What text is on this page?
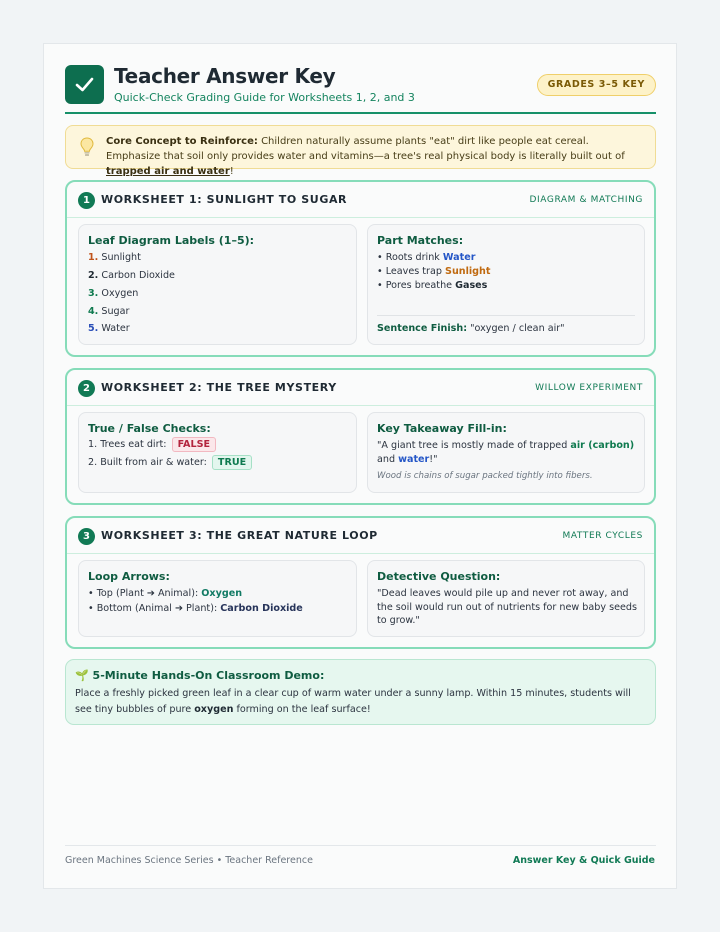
Teacher Answer Key
Quick-Check Grading Guide for Worksheets 1, 2, and 3
GRADES 3–5 KEY
Core Concept to Reinforce: Children naturally assume plants "eat" dirt like people eat cereal. Emphasize that soil only provides water and vitamins—a tree's real physical body is literally built out of trapped air and water!
1	WORKSHEET 1: SUNLIGHT TO SUGAR	DIAGRAM & MATCHING
Leaf Diagram Labels (1–5):
1. Sunlight
2. Carbon Dioxide
3. Oxygen
4. Sugar
5. Water
Part Matches:
• Roots drink Water
• Leaves trap Sunlight
• Pores breathe Gases
Sentence Finish: "oxygen / clean air"
2	WORKSHEET 2: THE TREE MYSTERY	WILLOW EXPERIMENT
True / False Checks:
1. Trees eat dirt: FALSE
2. Built from air & water: TRUE
Key Takeaway Fill-in:
"A giant tree is mostly made of trapped air (carbon) and water!"
Wood is chains of sugar packed tightly into fibers.
3	WORKSHEET 3: THE GREAT NATURE LOOP	MATTER CYCLES
Loop Arrows:
• Top (Plant ➔ Animal): Oxygen
• Bottom (Animal ➔ Plant): Carbon Dioxide
Detective Question:
"Dead leaves would pile up and never rot away, and the soil would run out of nutrients for new baby seeds to grow."
🌱 5-Minute Hands-On Classroom Demo:
Place a freshly picked green leaf in a clear cup of warm water under a sunny lamp. Within 15 minutes, students will see tiny bubbles of pure oxygen forming on the leaf surface!
Green Machines Science Series • Teacher Reference	Answer Key & Quick Guide
